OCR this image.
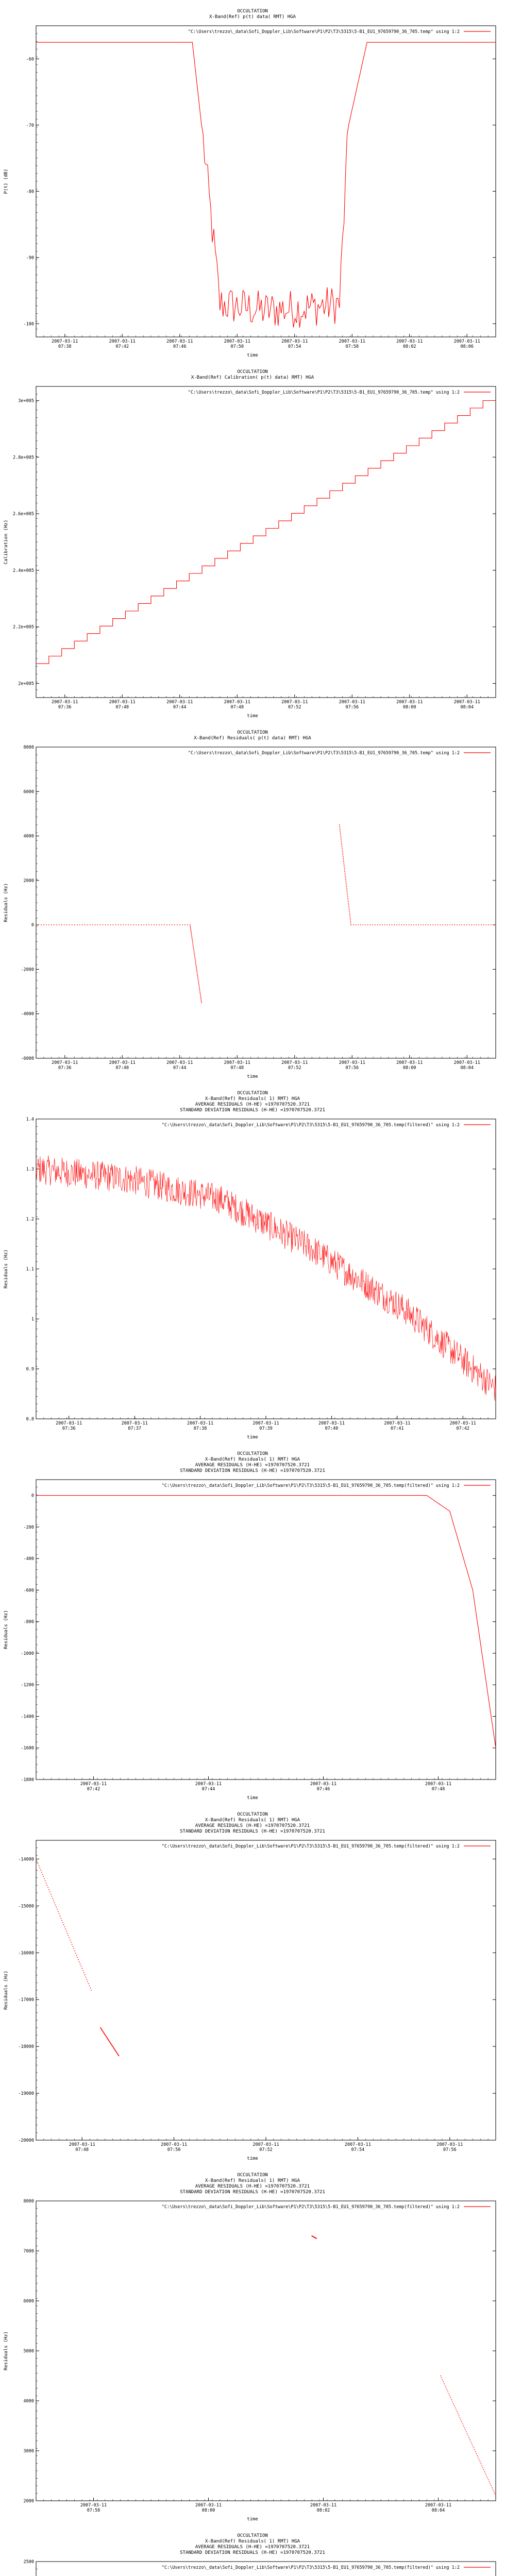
OCCULTATION
X-Band(Ref) p(t) data( RMT) HGA
"C:\Users\trezzo\_data\Sofi_Doppler_Lib\Software\P1\P2\T3\5315\5-B1_EU1_97659790_36_705.temp" using 1:2
-60
-70
-80
-90
-100
2007-03-11
07:38
2007-03-11
07:42
2007-03-11
07:46
2007-03-11
07:50
2007-03-11
07:54
2007-03-11
07:58
2007-03-11
08:02
2007-03-11
08:06
time
P(t) (dB)
OCCULTATION
X-Band(Ref) Calibration( p(t) data) RMT) HGA
"C:\Users\trezzo\_data\Sofi_Doppler_Lib\Software\P1\P2\T3\5315\5-B1_EU1_97659790_36_705.temp" using 1:2
3e+005
2.8e+005
2.6e+005
2.4e+005
2.2e+005
2e+005
2007-03-11
07:36
2007-03-11
07:40
2007-03-11
07:44
2007-03-11
07:48
2007-03-11
07:52
2007-03-11
07:56
2007-03-11
08:00
2007-03-11
08:04
time
Calibration (Hz)
OCCULTATION
X-Band(Ref) Residuals( p(t) data) RMT) HGA
"C:\Users\trezzo\_data\Sofi_Doppler_Lib\Software\P1\P2\T3\5315\5-B1_EU1_97659790_36_705.temp" using 1:2
8000
6000
4000
2000
0
-2000
-4000
-6000
2007-03-11
07:36
2007-03-11
07:40
2007-03-11
07:44
2007-03-11
07:48
2007-03-11
07:52
2007-03-11
07:56
2007-03-11
08:00
2007-03-11
08:04
time
Residuals (Hz)
OCCULTATION
X-Band(Ref) Residuals( 1) RMT) HGA
AVERAGE RESIDUALS (H-HE) =1970707520.3721
STANDARD DEVIATION RESIDUALS (H-HE) =1970707520.3721
"C:\Users\trezzo\_data\Sofi_Doppler_Lib\Software\P1\P2\T3\5315\5-B1_EU1_97659790_36_705.temp(filtered)" using 1:2
1.4
1.3
1.2
1.1
1
0.9
0.8
2007-03-11
07:36
2007-03-11
07:37
2007-03-11
07:38
2007-03-11
07:39
2007-03-11
07:40
2007-03-11
07:41
2007-03-11
07:42
time
Residuals (Hz)
OCCULTATION
X-Band(Ref) Residuals( 1) RMT) HGA
AVERAGE RESIDUALS (H-HE) =1970707520.3721
STANDARD DEVIATION RESIDUALS (H-HE) =1970707520.3721
"C:\Users\trezzo\_data\Sofi_Doppler_Lib\Software\P1\P2\T3\5315\5-B1_EU1_97659790_36_705.temp(filtered)" using 1:2
0
-200
-400
-600
-800
-1000
-1200
-1400
-1600
-1800
2007-03-11
07:42
2007-03-11
07:44
2007-03-11
07:46
2007-03-11
07:48
time
Residuals (Hz)
OCCULTATION
X-Band(Ref) Residuals( 1) RMT) HGA
AVERAGE RESIDUALS (H-HE) =1970707520.3721
STANDARD DEVIATION RESIDUALS (H-HE) =1970707520.3721
"C:\Users\trezzo\_data\Sofi_Doppler_Lib\Software\P1\P2\T3\5315\5-B1_EU1_97659790_36_705.temp(filtered)" using 1:2
-14000
-15000
-16000
-17000
-18000
-19000
-20000
2007-03-11
07:48
2007-03-11
07:50
2007-03-11
07:52
2007-03-11
07:54
2007-03-11
07:56
time
Residuals (Hz)
OCCULTATION
X-Band(Ref) Residuals( 1) RMT) HGA
AVERAGE RESIDUALS (H-HE) =1970707520.3721
STANDARD DEVIATION RESIDUALS (H-HE) =1970707520.3721
"C:\Users\trezzo\_data\Sofi_Doppler_Lib\Software\P1\P2\T3\5315\5-B1_EU1_97659790_36_705.temp(filtered)" using 1:2
8000
7000
6000
5000
4000
3000
2000
2007-03-11
07:58
2007-03-11
08:00
2007-03-11
08:02
2007-03-11
08:04
time
Residuals (Hz)
OCCULTATION
X-Band(Ref) Residuals( 1) RMT) HGA
AVERAGE RESIDUALS (H-HE) =1970707520.3721
STANDARD DEVIATION RESIDUALS (H-HE) =1970707520.3721
"C:\Users\trezzo\_data\Sofi_Doppler_Lib\Software\P1\P2\T3\5315\5-B1_EU1_97659790_36_705.temp(filtered)" using 1:2
2500
